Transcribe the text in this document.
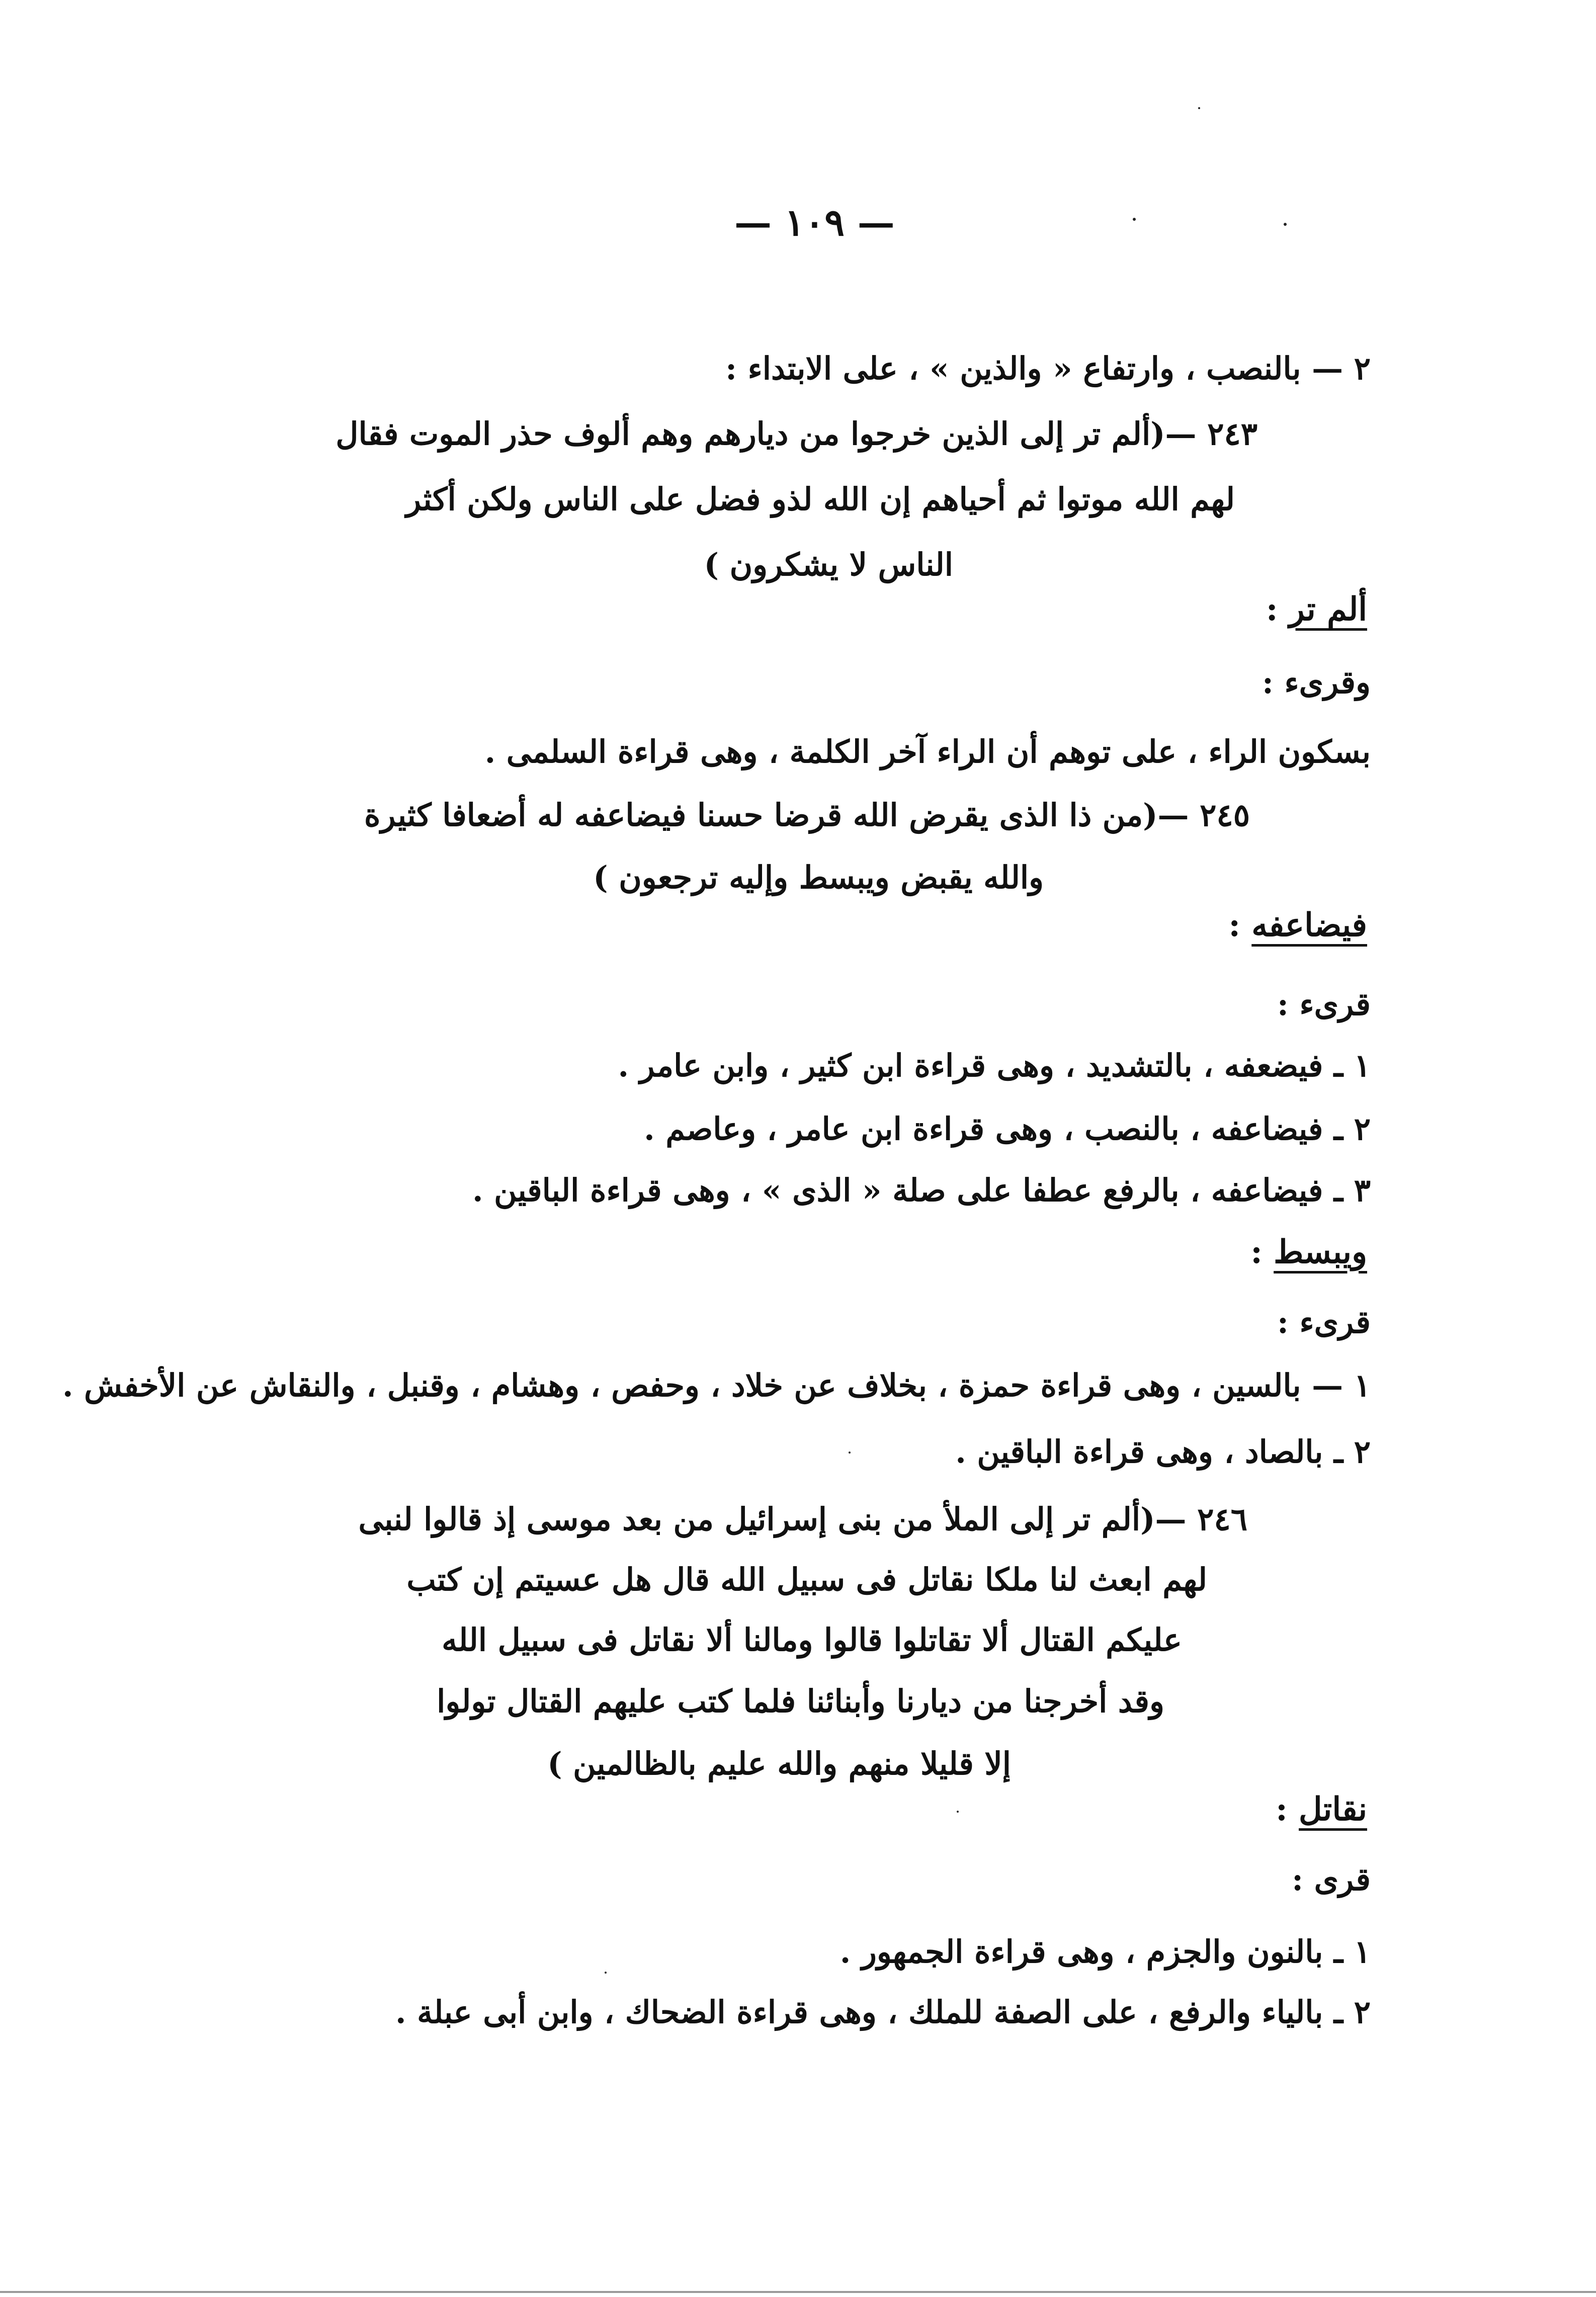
— ١٠٩ —
٢ — بالنصب ، وارتفاع « والذين » ، على الابتداء :
٢٤٣ —(ألم تر إلى الذين خرجوا من ديارهم وهم ألوف حذر الموت فقال
لهم الله موتوا ثم أحياهم إن الله لذو فضل على الناس ولكن أكثر
الناس لا يشكرون )
ألم تر :
وقرىء :
بسكون الراء ، على توهم أن الراء آخر الكلمة ، وهى قراءة السلمى .
٢٤٥ —(من ذا الذى يقرض الله قرضا حسنا فيضاعفه له أضعافا كثيرة
والله يقبض ويبسط وإليه ترجعون )
فيضاعفه :
قرىء :
١ ـ فيضعفه ، بالتشديد ، وهى قراءة ابن كثير ، وابن عامر .
٢ ـ فيضاعفه ، بالنصب ، وهى قراءة ابن عامر ، وعاصم .
٣ ـ فيضاعفه ، بالرفع عطفا على صلة « الذى » ، وهى قراءة الباقين .
ويبسط :
قرىء :
١ — بالسين ، وهى قراءة حمزة ، بخلاف عن خلاد ، وحفص ، وهشام ، وقنبل ، والنقاش عن الأخفش .
٢ ـ بالصاد ، وهى قراءة الباقين .
٢٤٦ —(ألم تر إلى الملأ من بنى إسرائيل من بعد موسى إذ قالوا لنبى
لهم ابعث لنا ملكا نقاتل فى سبيل الله قال هل عسيتم إن كتب
عليكم القتال ألا تقاتلوا قالوا ومالنا ألا نقاتل فى سبيل الله
وقد أخرجنا من ديارنا وأبنائنا فلما كتب عليهم القتال تولوا
إلا قليلا منهم والله عليم بالظالمين )
نقاتل :
قرى :
١ ـ بالنون والجزم ، وهى قراءة الجمهور .
٢ ـ بالياء والرفع ، على الصفة للملك ، وهى قراءة الضحاك ، وابن أبى عبلة .
